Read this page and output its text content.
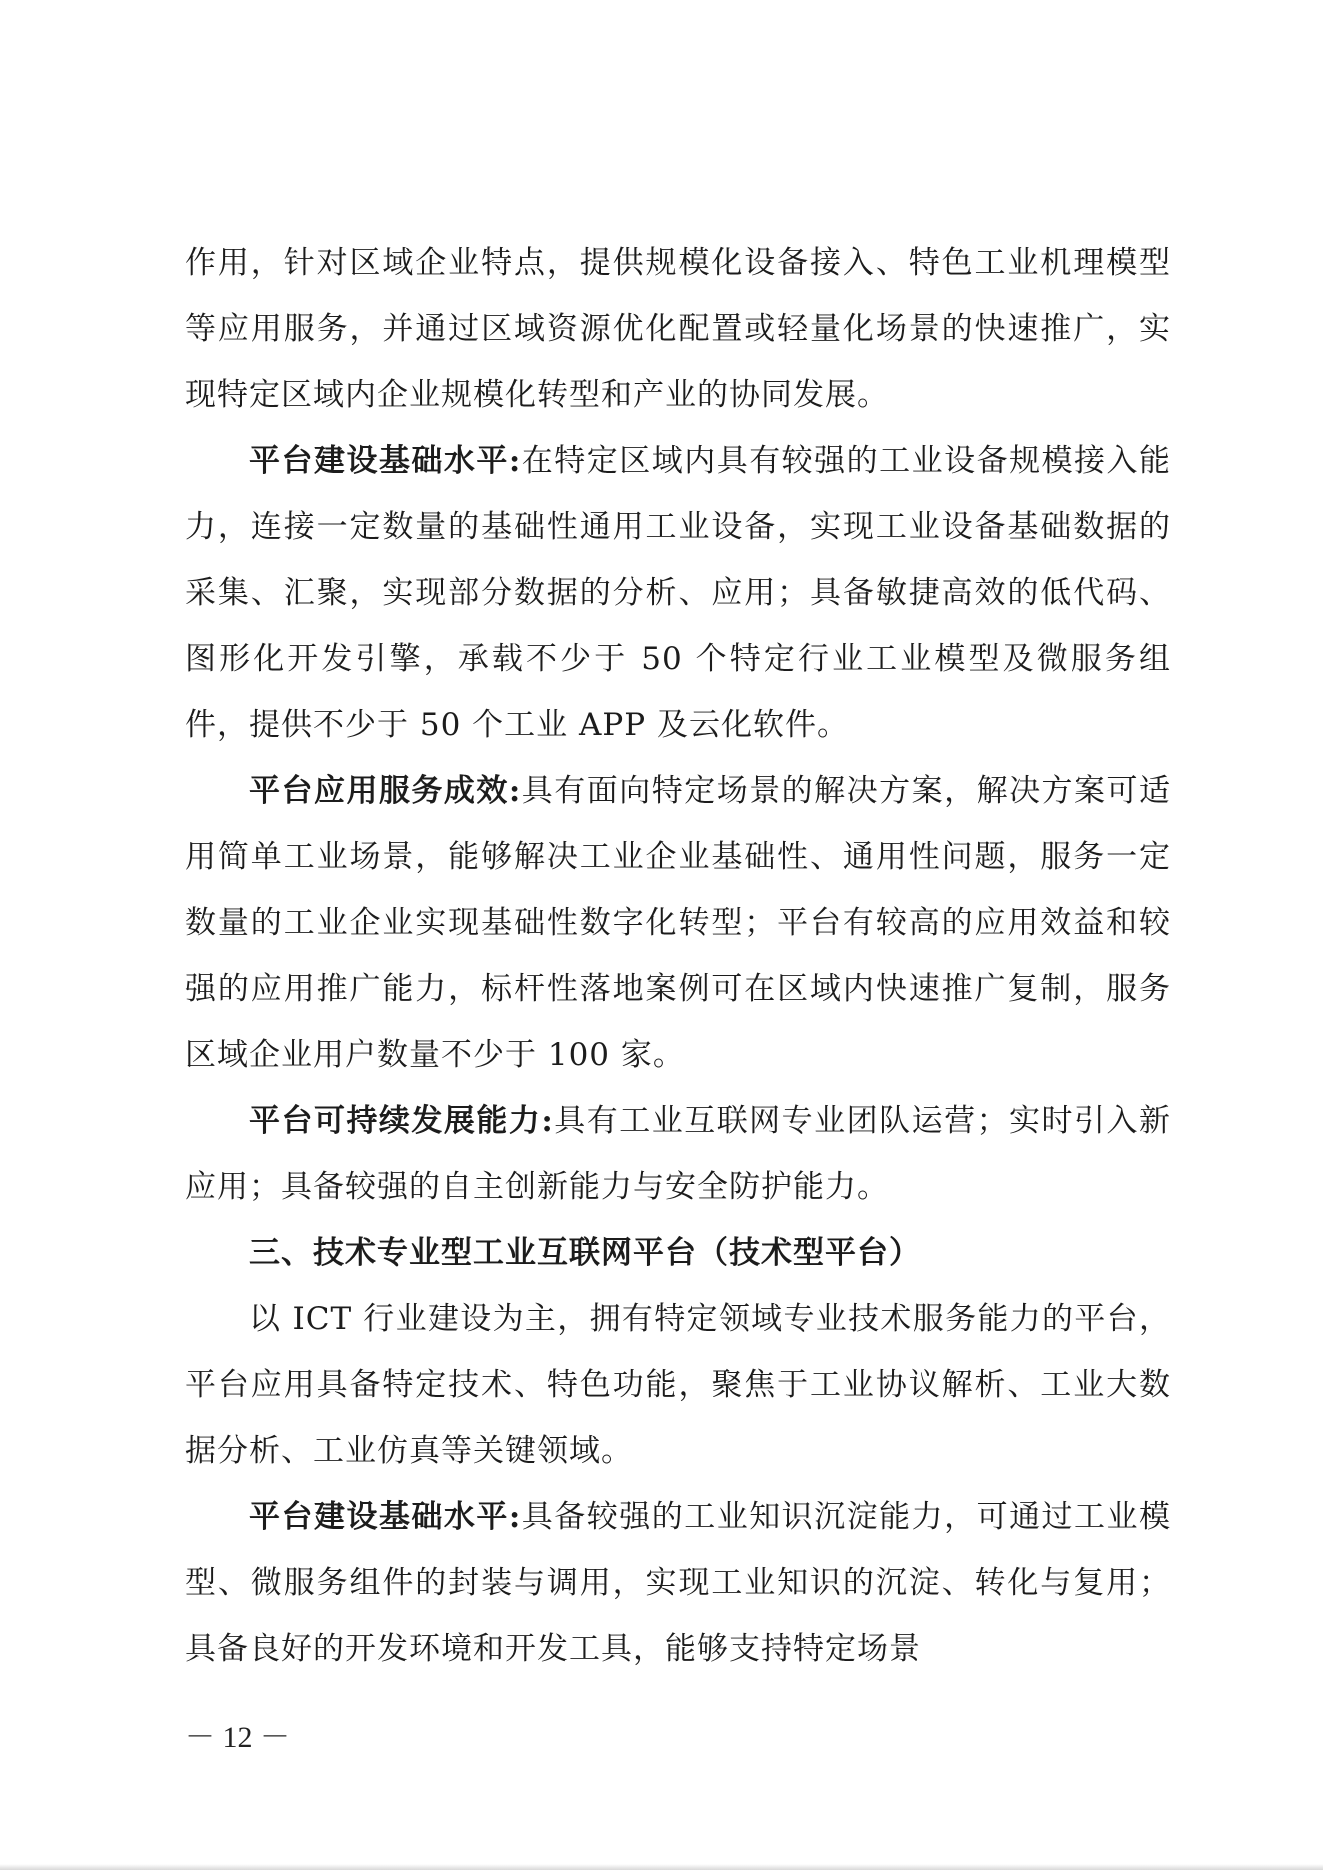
作用，针对区域企业特点，提供规模化设备接入、特色工业机理模型等应用服务，并通过区域资源优化配置或轻量化场景的快速推广，实现特定区域内企业规模化转型和产业的协同发展。

平台建设基础水平:在特定区域内具有较强的工业设备规模接入能力，连接一定数量的基础性通用工业设备，实现工业设备基础数据的采集、汇聚，实现部分数据的分析、应用；具备敏捷高效的低代码、图形化开发引擎，承载不少于 50 个特定行业工业模型及微服务组件，提供不少于 50 个工业 APP 及云化软件。

平台应用服务成效:具有面向特定场景的解决方案，解决方案可适用简单工业场景，能够解决工业企业基础性、通用性问题，服务一定数量的工业企业实现基础性数字化转型；平台有较高的应用效益和较强的应用推广能力，标杆性落地案例可在区域内快速推广复制，服务区域企业用户数量不少于 100 家。

平台可持续发展能力:具有工业互联网专业团队运营；实时引入新应用；具备较强的自主创新能力与安全防护能力。

三、技术专业型工业互联网平台（技术型平台）

以 ICT 行业建设为主，拥有特定领域专业技术服务能力的平台，平台应用具备特定技术、特色功能，聚焦于工业协议解析、工业大数据分析、工业仿真等关键领域。

平台建设基础水平:具备较强的工业知识沉淀能力，可通过工业模型、微服务组件的封装与调用，实现工业知识的沉淀、转化与复用；具备良好的开发环境和开发工具，能够支持特定场景

－ 12 －
